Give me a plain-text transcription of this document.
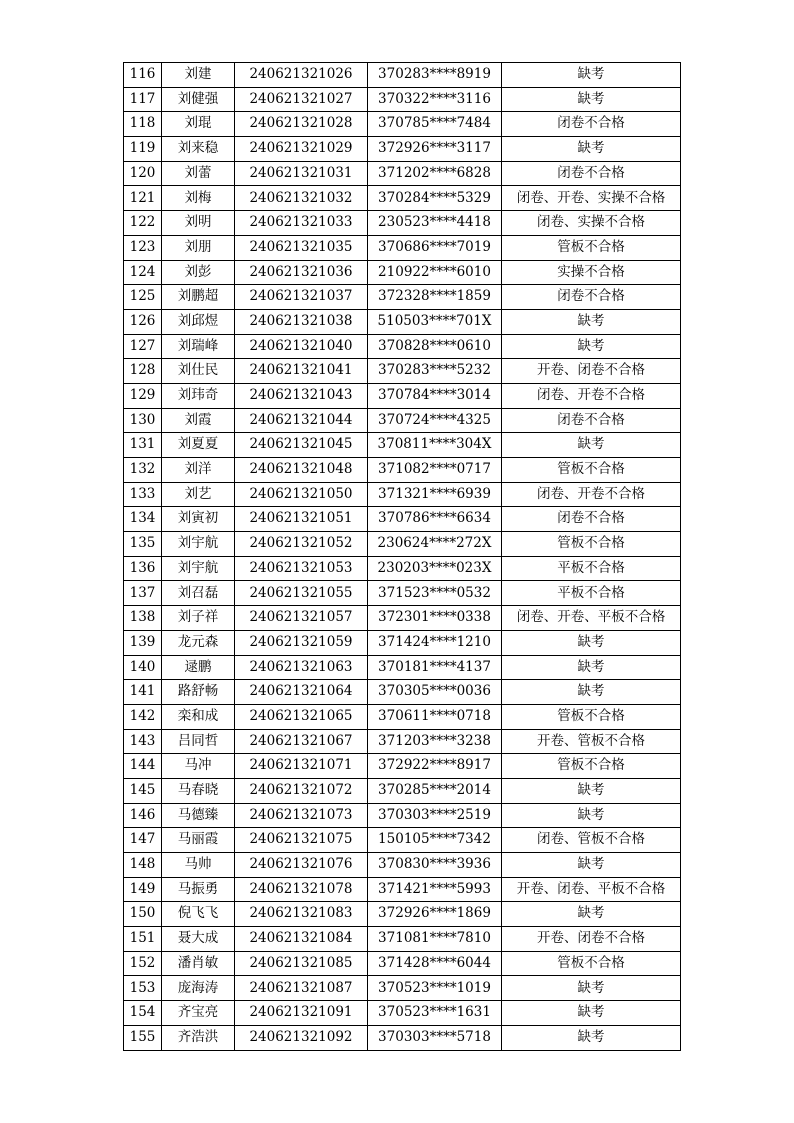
116	刘建	240621321026	370283****8919	缺考
117	刘健强	240621321027	370322****3116	缺考
118	刘琨	240621321028	370785****7484	闭卷不合格
119	刘来稳	240621321029	372926****3117	缺考
120	刘蕾	240621321031	371202****6828	闭卷不合格
121	刘梅	240621321032	370284****5329	闭卷、开卷、实操不合格
122	刘明	240621321033	230523****4418	闭卷、实操不合格
123	刘朋	240621321035	370686****7019	管板不合格
124	刘彭	240621321036	210922****6010	实操不合格
125	刘鹏超	240621321037	372328****1859	闭卷不合格
126	刘邱煜	240621321038	510503****701X	缺考
127	刘瑞峰	240621321040	370828****0610	缺考
128	刘仕民	240621321041	370283****5232	开卷、闭卷不合格
129	刘玮奇	240621321043	370784****3014	闭卷、开卷不合格
130	刘霞	240621321044	370724****4325	闭卷不合格
131	刘夏夏	240621321045	370811****304X	缺考
132	刘洋	240621321048	371082****0717	管板不合格
133	刘艺	240621321050	371321****6939	闭卷、开卷不合格
134	刘寅初	240621321051	370786****6634	闭卷不合格
135	刘宇航	240621321052	230624****272X	管板不合格
136	刘宇航	240621321053	230203****023X	平板不合格
137	刘召磊	240621321055	371523****0532	平板不合格
138	刘子祥	240621321057	372301****0338	闭卷、开卷、平板不合格
139	龙元森	240621321059	371424****1210	缺考
140	逯鹏	240621321063	370181****4137	缺考
141	路舒畅	240621321064	370305****0036	缺考
142	栾和成	240621321065	370611****0718	管板不合格
143	吕同哲	240621321067	371203****3238	开卷、管板不合格
144	马冲	240621321071	372922****8917	管板不合格
145	马春晓	240621321072	370285****2014	缺考
146	马德臻	240621321073	370303****2519	缺考
147	马丽霞	240621321075	150105****7342	闭卷、管板不合格
148	马帅	240621321076	370830****3936	缺考
149	马振勇	240621321078	371421****5993	开卷、闭卷、平板不合格
150	倪飞飞	240621321083	372926****1869	缺考
151	聂大成	240621321084	371081****7810	开卷、闭卷不合格
152	潘肖敏	240621321085	371428****6044	管板不合格
153	庞海涛	240621321087	370523****1019	缺考
154	齐宝亮	240621321091	370523****1631	缺考
155	齐浩洪	240621321092	370303****5718	缺考
